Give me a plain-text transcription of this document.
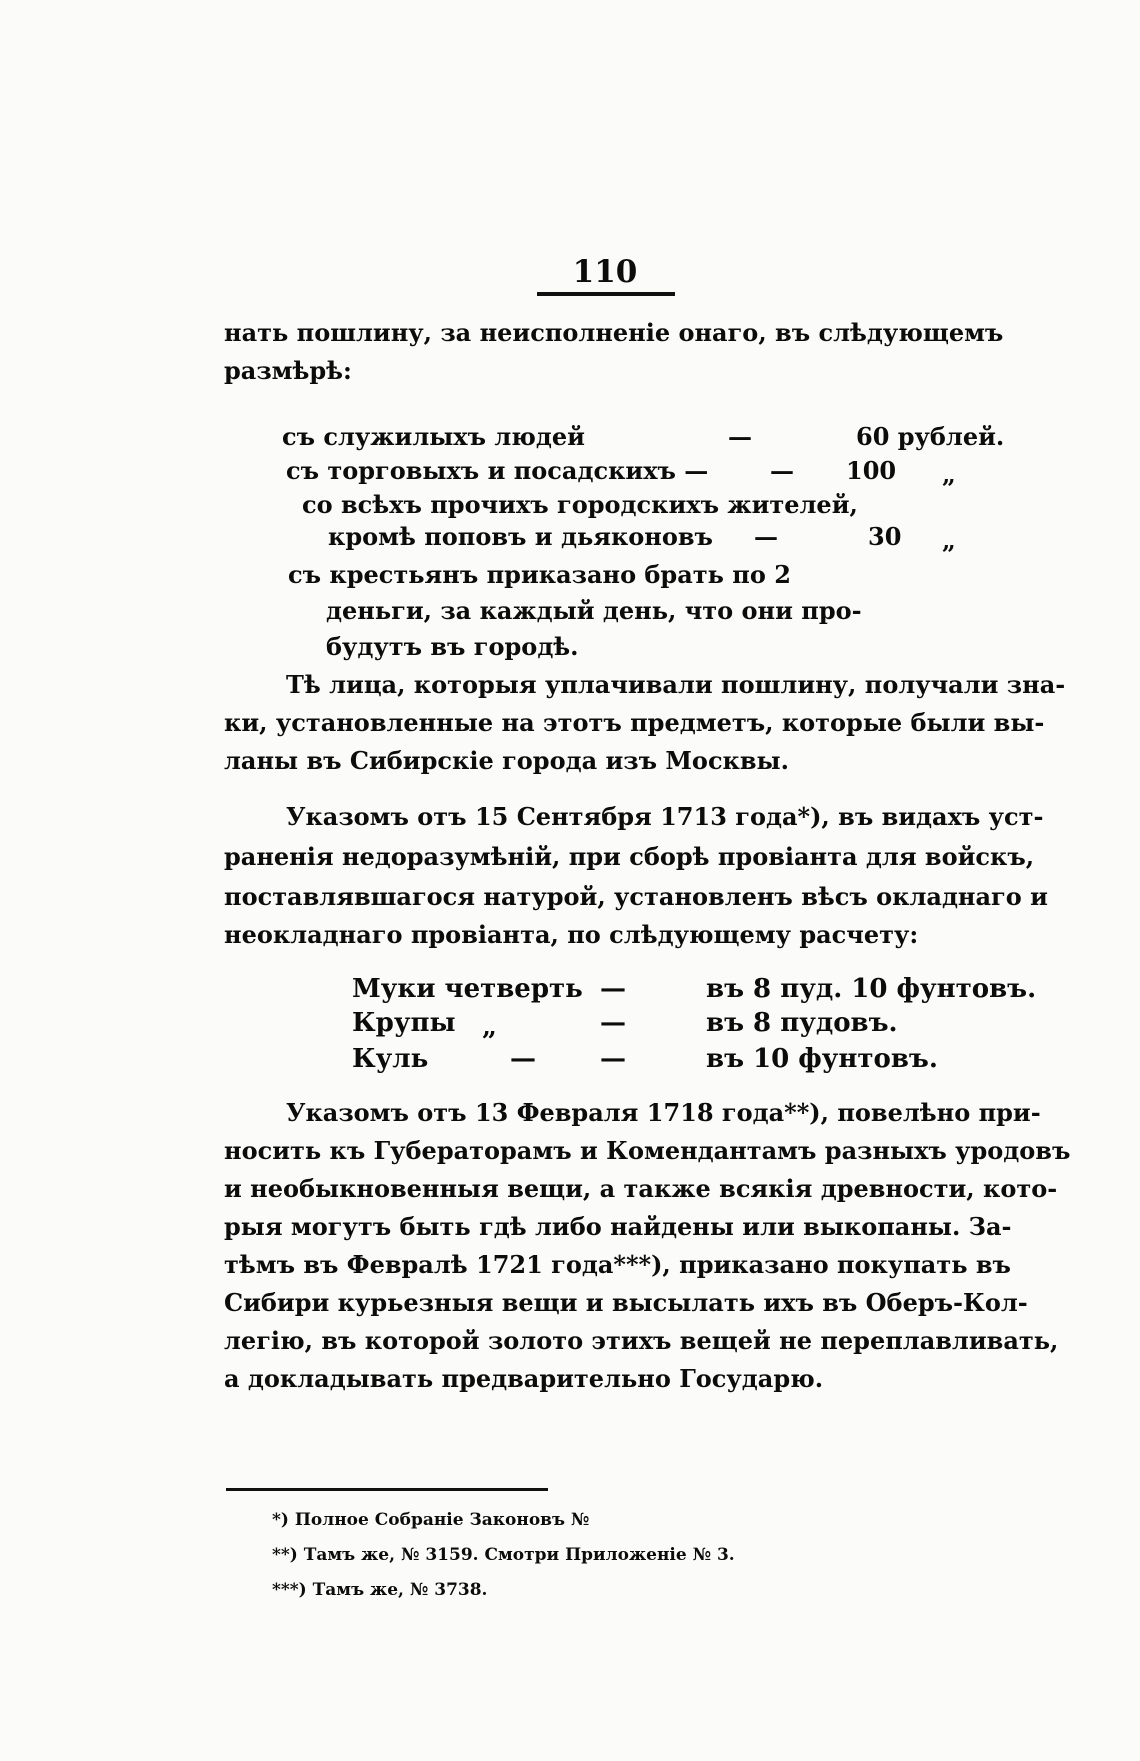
110
нать пошлину, за неисполненіе онаго, въ слѣдующемъ
размѣрѣ:
съ служилыхъ людей	—	60 рублей.
съ торговыхъ и посадскихъ —	— 100 „
со всѣхъ прочихъ городскихъ жителей,
кромѣ поповъ и дьяконовъ —	30 „
съ крестьянъ приказано брать по 2
деньги, за каждый день, что они про-
будутъ въ городѣ.
Тѣ лица, которыя уплачивали пошлину, получали зна-
ки, установленные на этотъ предметъ, которые были вы-
ланы въ Сибирскіе города изъ Москвы.
Указомъ отъ 15 Сентября 1713 года*), въ видахъ уст-
раненія недоразумѣній, при сборѣ провіанта для войскъ,
поставлявшагося натурой, установленъ вѣсъ окладнаго и
неокладнаго провіанта, по слѣдующему расчету:
Муки четверть —	въ 8 пуд. 10 фунтовъ.
Крупы „	—	въ 8 пудовъ.
Куль	— —	въ 10 фунтовъ.
Указомъ отъ 13 Февраля 1718 года**), повелѣно при-
носить къ Губераторамъ и Комендантамъ разныхъ уродовъ
и необыкновенныя вещи, а также всякія древности, кото-
рыя могутъ быть гдѣ либо найдены или выкопаны. За-
тѣмъ въ Февралѣ 1721 года***), приказано покупать въ
Сибири курьезныя вещи и высылать ихъ въ Оберъ-Кол-
легію, въ которой золото этихъ вещей не переплавливать,
а докладывать предварительно Государю.
*) Полное Собраніе Законовъ №
**) Тамъ же, № 3159. Смотри Приложеніе № 3.
***) Тамъ же, № 3738.
